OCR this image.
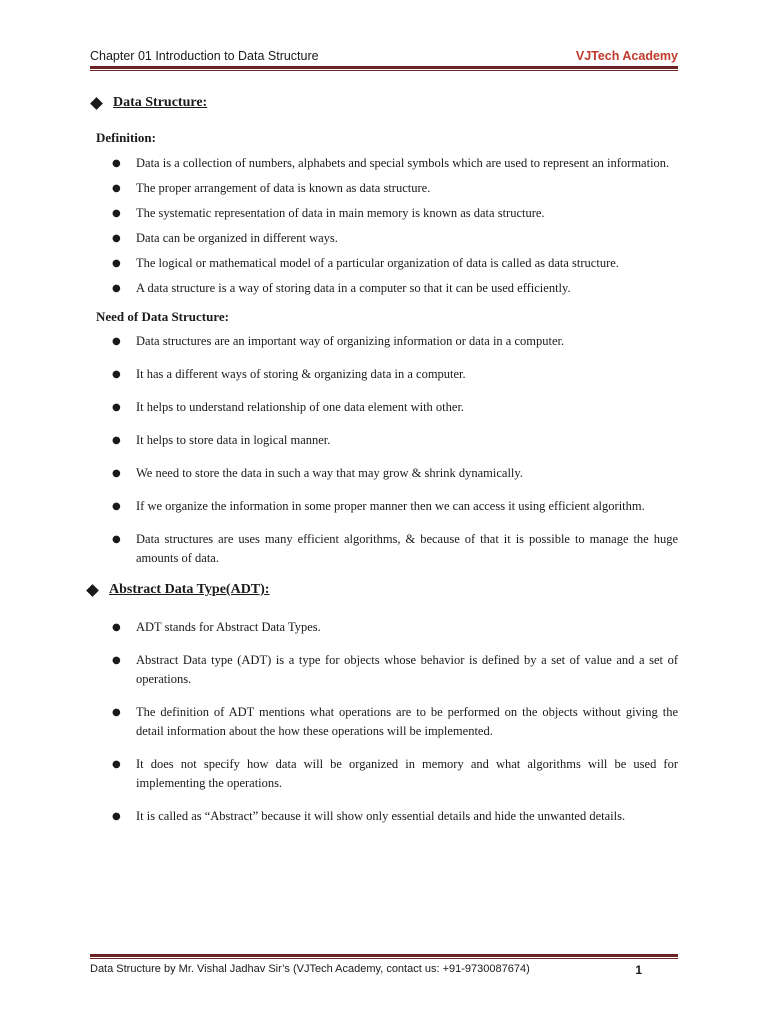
Chapter 01 Introduction to Data Structure	VJTech Academy
Data Structure:

Definition:

● Data is a collection of numbers, alphabets and special symbols which are used to represent an information.
● The proper arrangement of data is known as data structure.
● The systematic representation of data in main memory is known as data structure.
● Data can be organized in different ways.
● The logical or mathematical model of a particular organization of data is called as data structure.
● A data structure is a way of storing data in a computer so that it can be used efficiently.

Need of Data Structure:

● Data structures are an important way of organizing information or data in a computer.
● It has a different ways of storing & organizing data in a computer.
● It helps to understand relationship of one data element with other.
● It helps to store data in logical manner.
● We need to store the data in such a way that may grow & shrink dynamically.
● If we organize the information in some proper manner then we can access it using efficient algorithm.
● Data structures are uses many efficient algorithms, & because of that it is possible to manage the huge amounts of data.
Abstract Data Type(ADT):
● ADT stands for Abstract Data Types.
● Abstract Data type (ADT) is a type for objects whose behavior is defined by a set of value and a set of operations.
● The definition of ADT mentions what operations are to be performed on the objects without giving the detail information about the how these operations will be implemented.
● It does not specify how data will be organized in memory and what algorithms will be used for implementing the operations.
● It is called as “Abstract” because it will show only essential details and hide the unwanted details.
Data Structure by Mr. Vishal Jadhav Sir’s (VJTech Academy, contact us: +91-9730087674)	1
